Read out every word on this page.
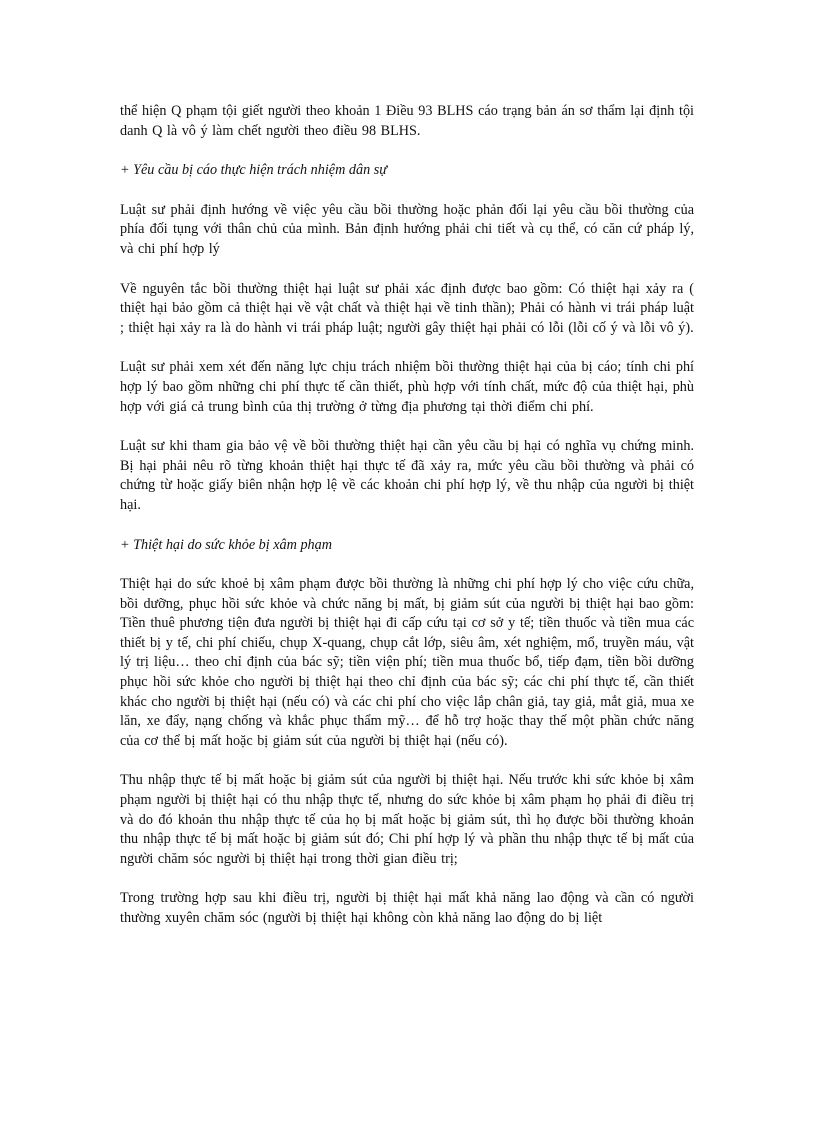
thể hiện Q phạm tội giết người theo khoản 1 Điều 93 BLHS cáo trạng bản án sơ thẩm lại định tội danh Q là vô ý làm chết người theo điều 98 BLHS.

+ Yêu cầu bị cáo thực hiện trách nhiệm dân sự

Luật sư phải định hướng về việc yêu cầu bồi thường hoặc phản đối lại yêu cầu bồi thường của phía đối tụng với thân chủ của mình. Bản định hướng phải chi tiết và cụ thể, có căn cứ pháp lý, và chi phí hợp lý

Về nguyên tắc bồi thường thiệt hại luật sư phải xác định được bao gồm: Có thiệt hại xảy ra ( thiệt hại bảo gồm cả thiệt hại về vật chất và thiệt hại về tinh thần); Phải có hành vi trái pháp luật ; thiệt hại xảy ra là do hành vi trái pháp luật; người gây thiệt hại phải có lỗi (lỗi cố ý và lỗi vô ý).

Luật sư phải xem xét đến năng lực chịu trách nhiệm bồi thường thiệt hại của bị cáo; tính chi phí hợp lý bao gồm những chi phí thực tế cần thiết, phù hợp với tính chất, mức độ của thiệt hại, phù hợp với giá cả trung bình của thị trường ở từng địa phương tại thời điểm chi phí.

Luật sư khi tham gia bảo vệ về bồi thường thiệt hại cần yêu cầu bị hại có nghĩa vụ chứng minh. Bị hại phải nêu rõ từng khoản thiệt hại thực tế đã xảy ra, mức yêu cầu bồi thường và phải có chứng từ hoặc giấy biên nhận hợp lệ về các khoản chi phí hợp lý, về thu nhập của người bị thiệt hại.

+ Thiệt hại do sức khỏe bị xâm phạm

Thiệt hại do sức khoẻ bị xâm phạm được bồi thường là những chi phí hợp lý cho việc cứu chữa, bồi dưỡng, phục hồi sức khỏe và chức năng bị mất, bị giảm sút của người bị thiệt hại bao gồm: Tiền thuê phương tiện đưa người bị thiệt hại đi cấp cứu tại cơ sở y tế; tiền thuốc và tiền mua các thiết bị y tế, chi phí chiếu, chụp X-quang, chụp cắt lớp, siêu âm, xét nghiệm, mổ, truyền máu, vật lý trị liệu… theo chỉ định của bác sỹ; tiền viện phí; tiền mua thuốc bổ, tiếp đạm, tiền bồi dưỡng phục hồi sức khỏe cho người bị thiệt hại theo chỉ định của bác sỹ; các chi phí thực tế, cần thiết khác cho người bị thiệt hại (nếu có) và các chi phí cho việc lắp chân giả, tay giả, mắt giả, mua xe lăn, xe đẩy, nạng chống và khắc phục thẩm mỹ… để hỗ trợ hoặc thay thế một phần chức năng của cơ thể bị mất hoặc bị giảm sút của người bị thiệt hại (nếu có).

Thu nhập thực tế bị mất hoặc bị giảm sút của người bị thiệt hại. Nếu trước khi sức khỏe bị xâm phạm người bị thiệt hại có thu nhập thực tế, nhưng do sức khỏe bị xâm phạm họ phải đi điều trị và do đó khoản thu nhập thực tế của họ bị mất hoặc bị giảm sút, thì họ được bồi thường khoản thu nhập thực tế bị mất hoặc bị giảm sút đó; Chi phí hợp lý và phần thu nhập thực tế bị mất của người chăm sóc người bị thiệt hại trong thời gian điều trị;

Trong trường hợp sau khi điều trị, người bị thiệt hại mất khả năng lao động và cần có người thường xuyên chăm sóc (người bị thiệt hại không còn khả năng lao động do bị liệt
